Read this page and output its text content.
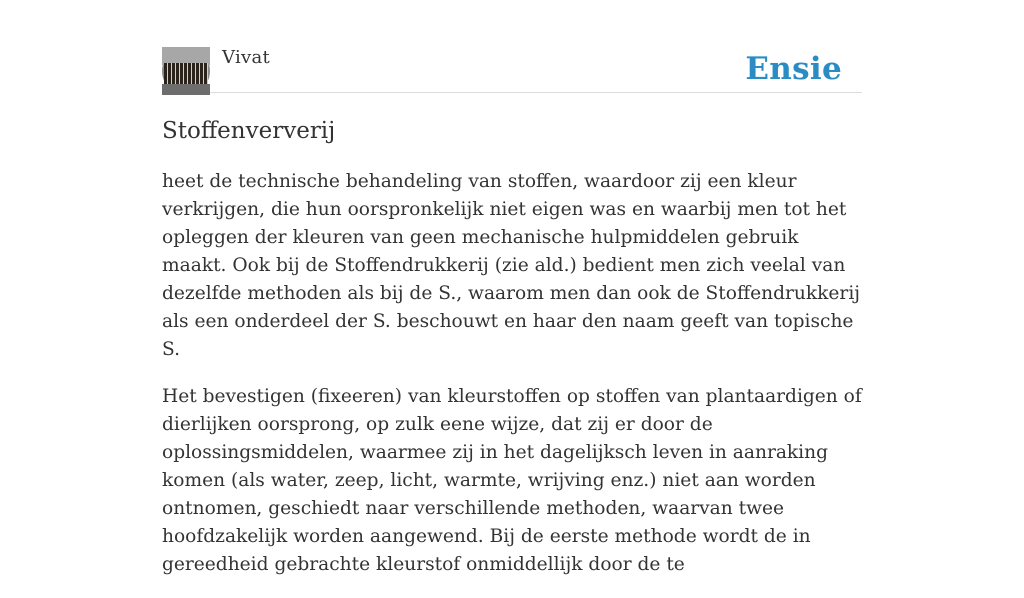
Vivat	Ensie
Stoffenververij

heet de technische behandeling van stoffen, waardoor zij een kleur verkrijgen, die hun oorspronkelijk niet eigen was en waarbij men tot het opleggen der kleuren van geen mechanische hulpmiddelen gebruik maakt. Ook bij de Stoffendrukkerij (zie ald.) bedient men zich veelal van dezelfde methoden als bij de S., waarom men dan ook de Stoffendrukkerij als een onderdeel der S. beschouwt en haar den naam geeft van topische S.

Het bevestigen (fixeeren) van kleurstoffen op stoffen van plantaardigen of dierlijken oorsprong, op zulk eene wijze, dat zij er door de oplossingsmiddelen, waarmee zij in het dagelijksch leven in aanraking komen (als water, zeep, licht, warmte, wrijving enz.) niet aan worden ontnomen, geschiedt naar verschillende methoden, waarvan twee hoofdzakelijk worden aangewend. Bij de eerste methode wordt de in gereedheid gebrachte kleurstof onmiddellijk door de te
